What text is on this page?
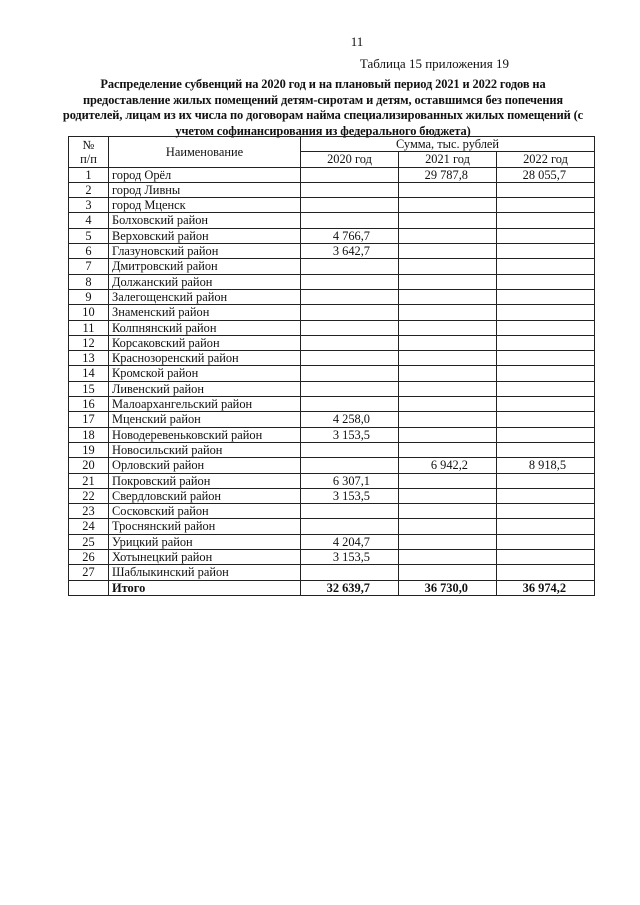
11
Таблица 15 приложения 19
Распределение субвенций на 2020 год и на плановый период 2021 и 2022 годов на предоставление жилых помещений детям-сиротам и детям, оставшимся без попечения родителей, лицам из их числа по договорам найма специализированных жилых помещений (с учетом софинансирования из федерального бюджета)
№
п/п	Наименование	Сумма, тыс. рублей		
		2020 год	2021 год	2022 год
1	город Орёл		29 787,8	28 055,7
2	город Ливны			
3	город Мценск			
4	Болховский район			
5	Верховский район	4 766,7		
6	Глазуновский район	3 642,7		
7	Дмитровский район			
8	Должанский район			
9	Залегощенский район			
10	Знаменский район			
11	Колпнянский район			
12	Корсаковский район			
13	Краснозоренский район			
14	Кромской район			
15	Ливенский район			
16	Малоархангельский район			
17	Мценский район	4 258,0		
18	Новодеревеньковский район	3 153,5		
19	Новосильский район			
20	Орловский район		6 942,2	8 918,5
21	Покровский район	6 307,1		
22	Свердловский район	3 153,5		
23	Сосковский район			
24	Троснянский район			
25	Урицкий район	4 204,7		
26	Хотынецкий район	3 153,5		
27	Шаблыкинский район			
	Итого	32 639,7	36 730,0	36 974,2
